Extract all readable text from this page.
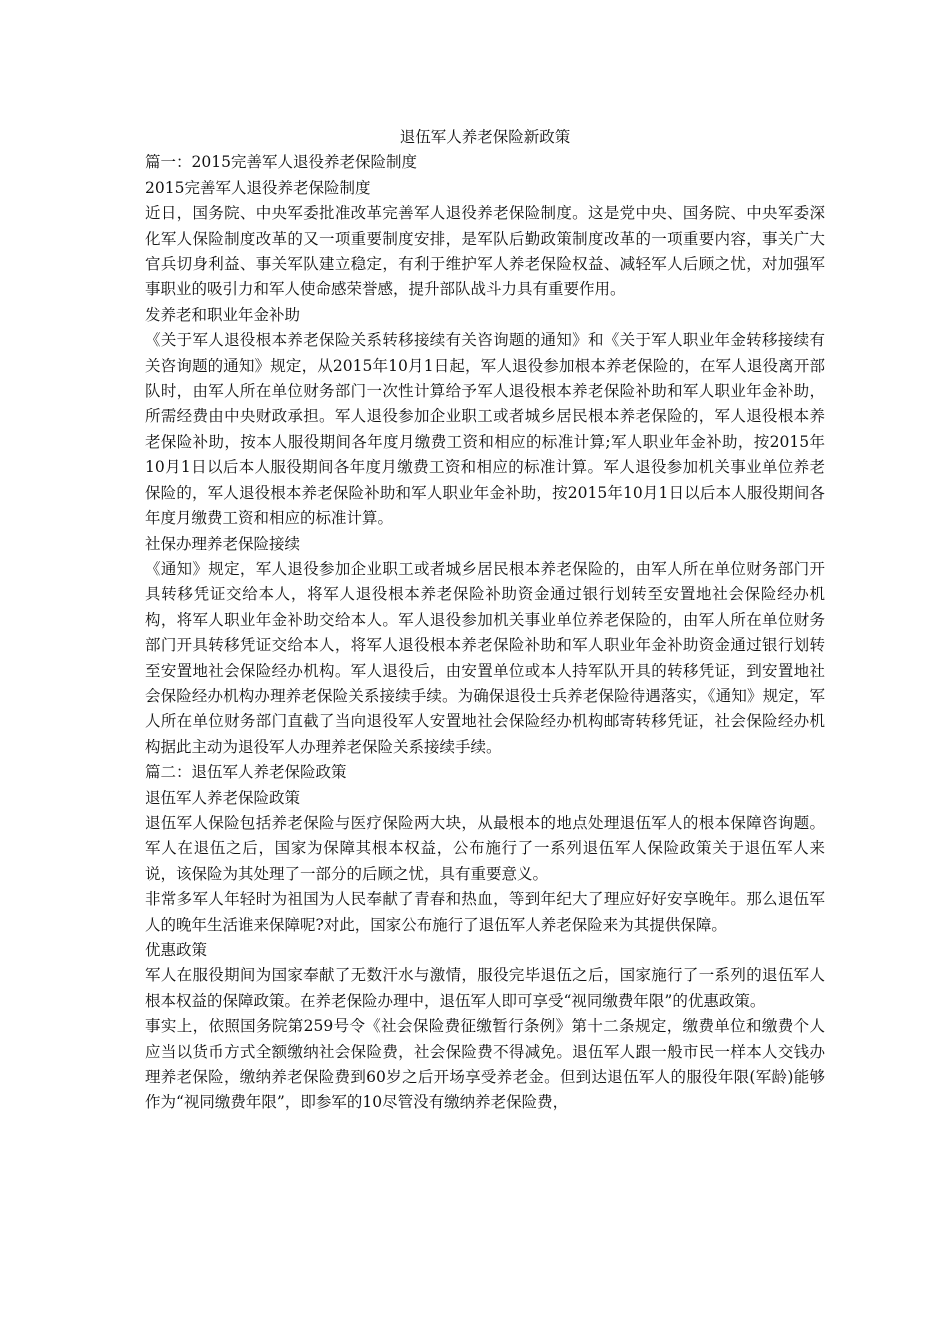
退伍军人养老保险新政策

篇一：2015完善军人退役养老保险制度

2015完善军人退役养老保险制度

近日，国务院、中央军委批准改革完善军人退役养老保险制度。这是党中央、国务院、中央军委深化军人保险制度改革的又一项重要制度安排，是军队后勤政策制度改革的一项重要内容，事关广大官兵切身利益、事关军队建立稳定，有利于维护军人养老保险权益、减轻军人后顾之忧，对加强军事职业的吸引力和军人使命感荣誉感，提升部队战斗力具有重要作用。

发养老和职业年金补助

《关于军人退役根本养老保险关系转移接续有关咨询题的通知》和《关于军人职业年金转移接续有关咨询题的通知》规定，从2015年10月1日起，军人退役参加根本养老保险的，在军人退役离开部队时，由军人所在单位财务部门一次性计算给予军人退役根本养老保险补助和军人职业年金补助，所需经费由中央财政承担。军人退役参加企业职工或者城乡居民根本养老保险的，军人退役根本养老保险补助，按本人服役期间各年度月缴费工资和相应的标准计算;军人职业年金补助，按2015年10月1日以后本人服役期间各年度月缴费工资和相应的标准计算。军人退役参加机关事业单位养老保险的，军人退役根本养老保险补助和军人职业年金补助，按2015年10月1日以后本人服役期间各年度月缴费工资和相应的标准计算。

社保办理养老保险接续

《通知》规定，军人退役参加企业职工或者城乡居民根本养老保险的，由军人所在单位财务部门开具转移凭证交给本人，将军人退役根本养老保险补助资金通过银行划转至安置地社会保险经办机构，将军人职业年金补助交给本人。军人退役参加机关事业单位养老保险的，由军人所在单位财务部门开具转移凭证交给本人，将军人退役根本养老保险补助和军人职业年金补助资金通过银行划转至安置地社会保险经办机构。军人退役后，由安置单位或本人持军队开具的转移凭证，到安置地社会保险经办机构办理养老保险关系接续手续。为确保退役士兵养老保险待遇落实，《通知》规定，军人所在单位财务部门直截了当向退役军人安置地社会保险经办机构邮寄转移凭证，社会保险经办机构据此主动为退役军人办理养老保险关系接续手续。

篇二：退伍军人养老保险政策

退伍军人养老保险政策

退伍军人保险包括养老保险与医疗保险两大块，从最根本的地点处理退伍军人的根本保障咨询题。军人在退伍之后，国家为保障其根本权益，公布施行了一系列退伍军人保险政策关于退伍军人来说，该保险为其处理了一部分的后顾之忧，具有重要意义。

非常多军人年轻时为祖国为人民奉献了青春和热血，等到年纪大了理应好好安享晚年。那么退伍军人的晚年生活谁来保障呢?对此，国家公布施行了退伍军人养老保险来为其提供保障。

优惠政策

军人在服役期间为国家奉献了无数汗水与激情，服役完毕退伍之后，国家施行了一系列的退伍军人根本权益的保障政策。在养老保险办理中，退伍军人即可享受“视同缴费年限”的优惠政策。

事实上，依照国务院第259号令《社会保险费征缴暂行条例》第十二条规定，缴费单位和缴费个人应当以货币方式全额缴纳社会保险费，社会保险费不得减免。退伍军人跟一般市民一样本人交钱办理养老保险，缴纳养老保险费到60岁之后开场享受养老金。但到达退伍军人的服役年限(军龄)能够作为“视同缴费年限”，即参军的10尽管没有缴纳养老保险费，
